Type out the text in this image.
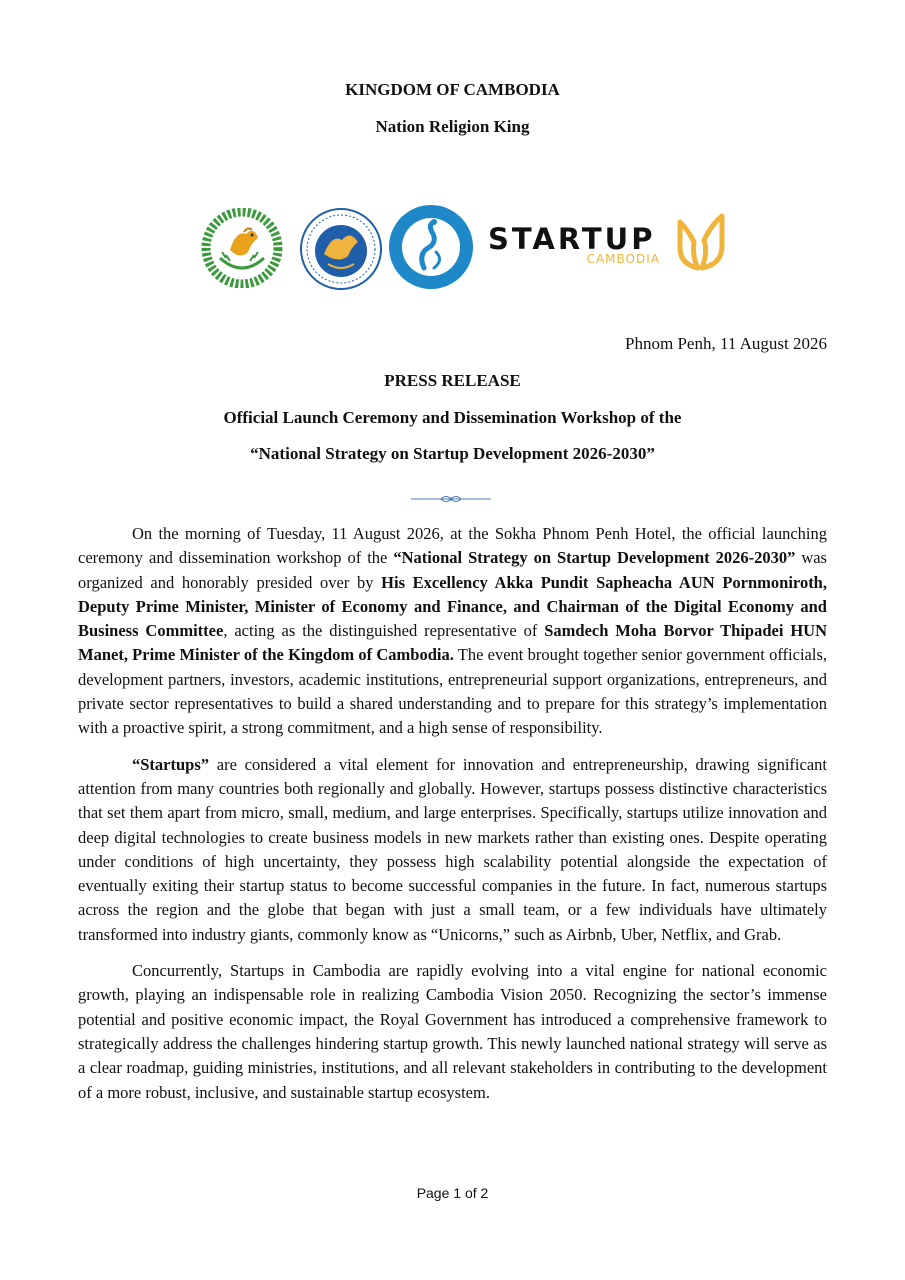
KINGDOM OF CAMBODIA
Nation Religion King
STARTUP
CAMBODIA
Phnom Penh, 11 August 2026
PRESS RELEASE
Official Launch Ceremony and Dissemination Workshop of the
“National Strategy on Startup Development 2026-2030”

On the morning of Tuesday, 11 August 2026, at the Sokha Phnom Penh Hotel, the official launching ceremony and dissemination workshop of the “National Strategy on Startup Development 2026-2030” was organized and honorably presided over by His Excellency Akka Pundit Sapheacha AUN Pornmoniroth, Deputy Prime Minister, Minister of Economy and Finance, and Chairman of the Digital Economy and Business Committee, acting as the distinguished representative of Samdech Moha Borvor Thipadei HUN Manet, Prime Minister of the Kingdom of Cambodia. The event brought together senior government officials, development partners, investors, academic institutions, entrepreneurial support organizations, entrepreneurs, and private sector representatives to build a shared understanding and to prepare for this strategy’s implementation with a proactive spirit, a strong commitment, and a high sense of responsibility.

“Startups” are considered a vital element for innovation and entrepreneurship, drawing significant attention from many countries both regionally and globally. However, startups possess distinctive characteristics that set them apart from micro, small, medium, and large enterprises. Specifically, startups utilize innovation and deep digital technologies to create business models in new markets rather than existing ones. Despite operating under conditions of high uncertainty, they possess high scalability potential alongside the expectation of eventually exiting their startup status to become successful companies in the future. In fact, numerous startups across the region and the globe that began with just a small team, or a few individuals have ultimately transformed into industry giants, commonly know as “Unicorns,” such as Airbnb, Uber, Netflix, and Grab.

Concurrently, Startups in Cambodia are rapidly evolving into a vital engine for national economic growth, playing an indispensable role in realizing Cambodia Vision 2050. Recognizing the sector’s immense potential and positive economic impact, the Royal Government has introduced a comprehensive framework to strategically address the challenges hindering startup growth. This newly launched national strategy will serve as a clear roadmap, guiding ministries, institutions, and all relevant stakeholders in contributing to the development of a more robust, inclusive, and sustainable startup ecosystem.

Page 1 of 2
